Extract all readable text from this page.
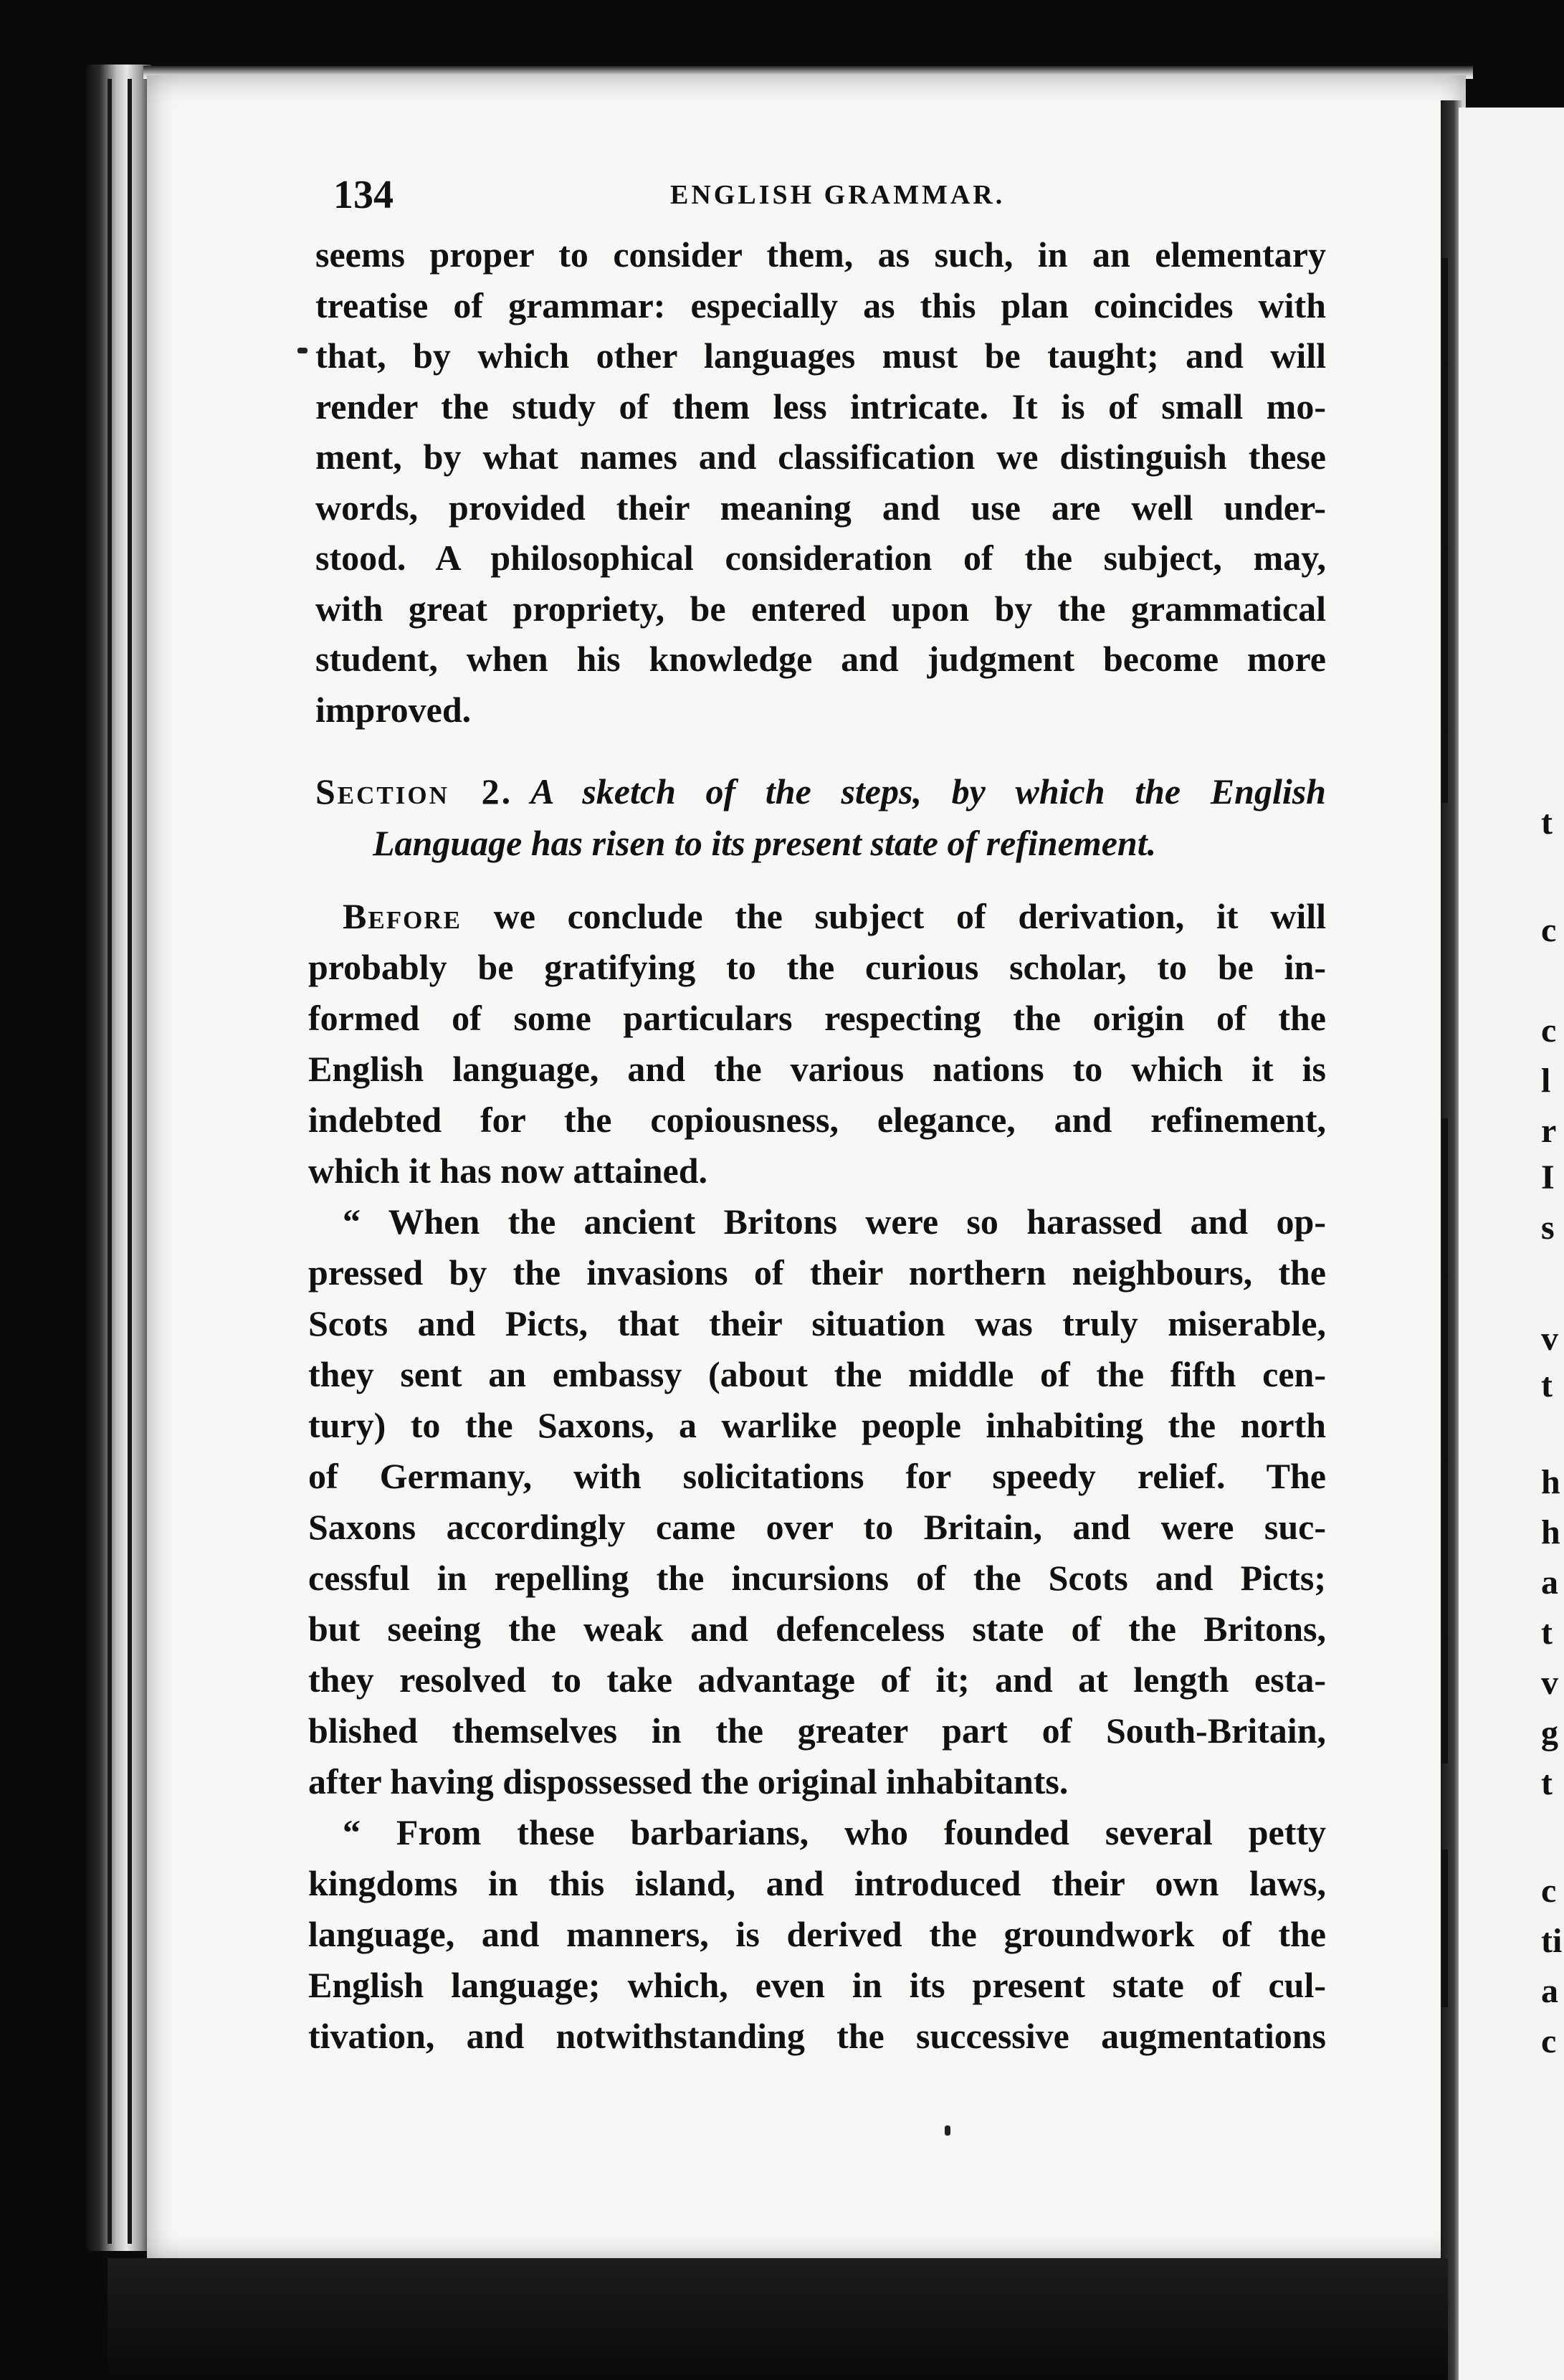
t
c
c
l
r
I
s
v
t
h
h
a
t
v
g
t
c
ti
a
c
134	ENGLISH GRAMMAR.
seems proper to consider them, as such, in an elementary
treatise of grammar: especially as this plan coincides with
that, by which other languages must be taught; and will
render the study of them less intricate. It is of small mo-
ment, by what names and classification we distinguish these
words, provided their meaning and use are well under-
stood. A philosophical consideration of the subject, may,
with great propriety, be entered upon by the grammatical
student, when his knowledge and judgment become more
improved.
Section 2.  A sketch of the steps, by which the English
Language has risen to its present state of refinement.
Before we conclude the subject of derivation, it will
probably be gratifying to the curious scholar, to be in-
formed of some particulars respecting the origin of the
English language, and the various nations to which it is
indebted for the copiousness, elegance, and refinement,
which it has now attained.
“ When the ancient Britons were so harassed and op-
pressed by the invasions of their northern neighbours, the
Scots and Picts, that their situation was truly miserable,
they sent an embassy (about the middle of the fifth cen-
tury) to the Saxons, a warlike people inhabiting the north
of Germany, with solicitations for speedy relief. The
Saxons accordingly came over to Britain, and were suc-
cessful in repelling the incursions of the Scots and Picts;
but seeing the weak and defenceless state of the Britons,
they resolved to take advantage of it; and at length esta-
blished themselves in the greater part of South-Britain,
after having dispossessed the original inhabitants.
“ From these barbarians, who founded several petty
kingdoms in this island, and introduced their own laws,
language, and manners, is derived the groundwork of the
English language; which, even in its present state of cul-
tivation, and notwithstanding the successive augmentations
